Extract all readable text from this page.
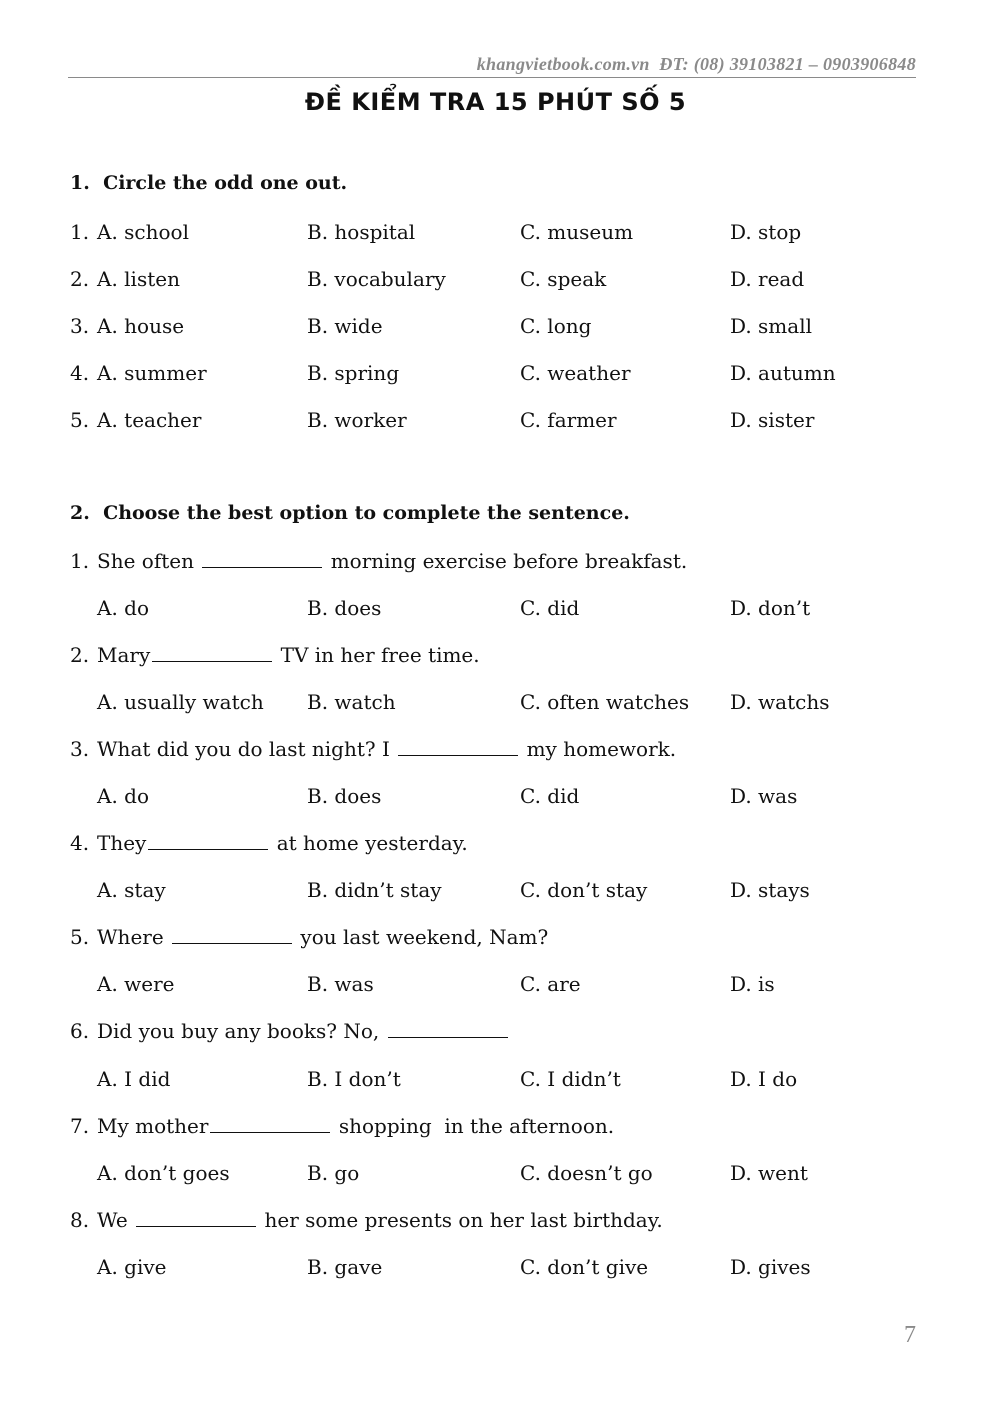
khangvietbook.com.vn ĐT: (08) 39103821 – 0903906848
ĐỀ KIỂM TRA 15 PHÚT SỐ 5
1. Circle the odd one out.
1. A. school	B. hospital	C. museum	D. stop
2. A. listen	B. vocabulary	C. speak	D. read
3. A. house	B. wide	C. long	D. small
4. A. summer	B. spring	C. weather	D. autumn
5. A. teacher	B. worker	C. farmer	D. sister
2. Choose the best option to complete the sentence.
1. She often	morning exercise before breakfast.
A. do	B. does	C. did	D. don’t
2. Mary	TV in her free time.
A. usually watch B. watch	C. often watches D. watchs
3. What did you do last night? I	my homework.
A. do	B. does	C. did	D. was
4. They	at home yesterday.
A. stay	B. didn’t stay	C. don’t stay	D. stays
5. Where	you last weekend, Nam?
A. were	B. was	C. are	D. is
6. Did you buy any books? No,
A. I did	B. I don’t	C. I didn’t	D. I do
7. My mother	shopping  in the afternoon.
A. don’t goes	B. go	C. doesn’t go	D. went
8. We	her some presents on her last birthday.
A. give	B. gave	C. don’t give	D. gives
7
